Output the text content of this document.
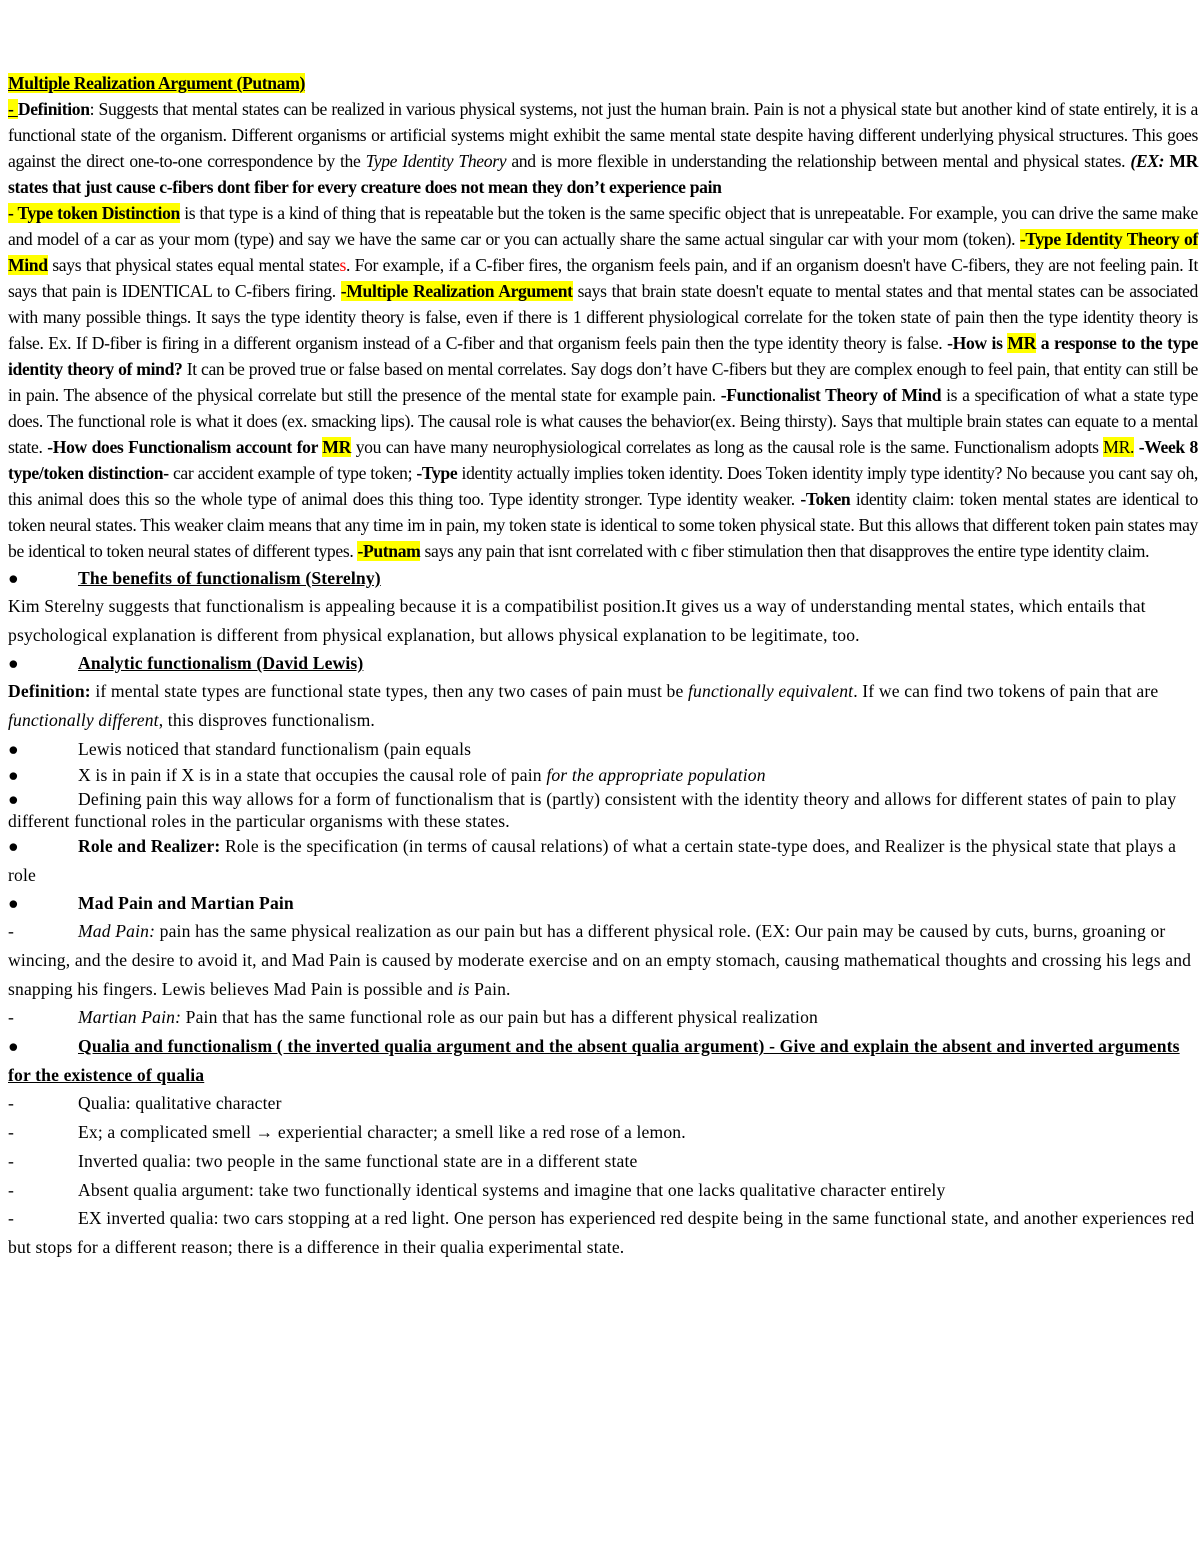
Multiple Realization Argument (Putnam)

- Definition: Suggests that mental states can be realized in various physical systems, not just the human brain. Pain is not a physical state but another kind of state entirely, it is a functional state of the organism. Different organisms or artificial systems might exhibit the same mental state despite having different underlying physical structures. This goes against the direct one-to-one correspondence by the Type Identity Theory and is more flexible in understanding the relationship between mental and physical states. (EX: MR states that just cause c-fibers dont fiber for every creature does not mean they don’t experience pain
- Type token Distinction is that type is a kind of thing that is repeatable but the token is the same specific object that is unrepeatable. For example, you can drive the same make and model of a car as your mom (type) and say we have the same car or you can actually share the same actual singular car with your mom (token). -Type Identity Theory of Mind says that physical states equal mental states. For example, if a C-fiber fires, the organism feels pain, and if an organism doesn't have C-fibers, they are not feeling pain. It says that pain is IDENTICAL to C-fibers firing. -Multiple Realization Argument says that brain state doesn't equate to mental states and that mental states can be associated with many possible things. It says the type identity theory is false, even if there is 1 different physiological correlate for the token state of pain then the type identity theory is false. Ex. If D-fiber is firing in a different organism instead of a C-fiber and that organism feels pain then the type identity theory is false. -How is MR a response to the type identity theory of mind? It can be proved true or false based on mental correlates. Say dogs don’t have C-fibers but they are complex enough to feel pain, that entity can still be in pain. The absence of the physical correlate but still the presence of the mental state for example pain. -Functionalist Theory of Mind is a specification of what a state type does. The functional role is what it does (ex. smacking lips). The causal role is what causes the behavior(ex. Being thirsty). Says that multiple brain states can equate to a mental state. -How does Functionalism account for MR you can have many neurophysiological correlates as long as the causal role is the same. Functionalism adopts MR. -Week 8 type/token distinction- car accident example of type token; -Type identity actually implies token identity. Does Token identity imply type identity? No because you cant say oh, this animal does this so the whole type of animal does this thing too. Type identity stronger. Type identity weaker. -Token identity claim: token mental states are identical to token neural states. This weaker claim means that any time im in pain, my token state is identical to some token physical state. But this allows that different token pain states may be identical to token neural states of different types. -Putnam says any pain that isnt correlated with c fiber stimulation then that disapproves the entire type identity claim.

●	The benefits of functionalism (Sterelny)

Kim Sterelny suggests that functionalism is appealing because it is a compatibilist position.It gives us a way of understanding mental states, which entails that psychological explanation is different from physical explanation, but allows physical explanation to be legitimate, too.

●	Analytic functionalism (David Lewis)

Definition: if mental state types are functional state types, then any two cases of pain must be functionally equivalent. If we can find two tokens of pain that are functionally different, this disproves functionalism.

●	Lewis noticed that standard functionalism (pain equals

●	X is in pain if X is in a state that occupies the causal role of pain for the appropriate population

●	Defining pain this way allows for a form of functionalism that is (partly) consistent with the identity theory and allows for different states of pain to play different functional roles in the particular organisms with these states.

●	Role and Realizer: Role is the specification (in terms of causal relations) of what a certain state-type does, and Realizer is the physical state that plays a role

●	Mad Pain and Martian Pain

-	Mad Pain: pain has the same physical realization as our pain but has a different physical role. (EX: Our pain may be caused by cuts, burns, groaning or wincing, and the desire to avoid it, and Mad Pain is caused by moderate exercise and on an empty stomach, causing mathematical thoughts and crossing his legs and snapping his fingers. Lewis believes Mad Pain is possible and is Pain.

-	Martian Pain: Pain that has the same functional role as our pain but has a different physical realization

●	Qualia and functionalism ( the inverted qualia argument and the absent qualia argument) - Give and explain the absent and inverted arguments for the existence of qualia

-	Qualia: qualitative character

-	Ex; a complicated smell → experiential character; a smell like a red rose of a lemon.

-	Inverted qualia: two people in the same functional state are in a different state

-	Absent qualia argument: take two functionally identical systems and imagine that one lacks qualitative character entirely

-	EX inverted qualia: two cars stopping at a red light. One person has experienced red despite being in the same functional state, and another experiences red but stops for a different reason; there is a difference in their qualia experimental state.
